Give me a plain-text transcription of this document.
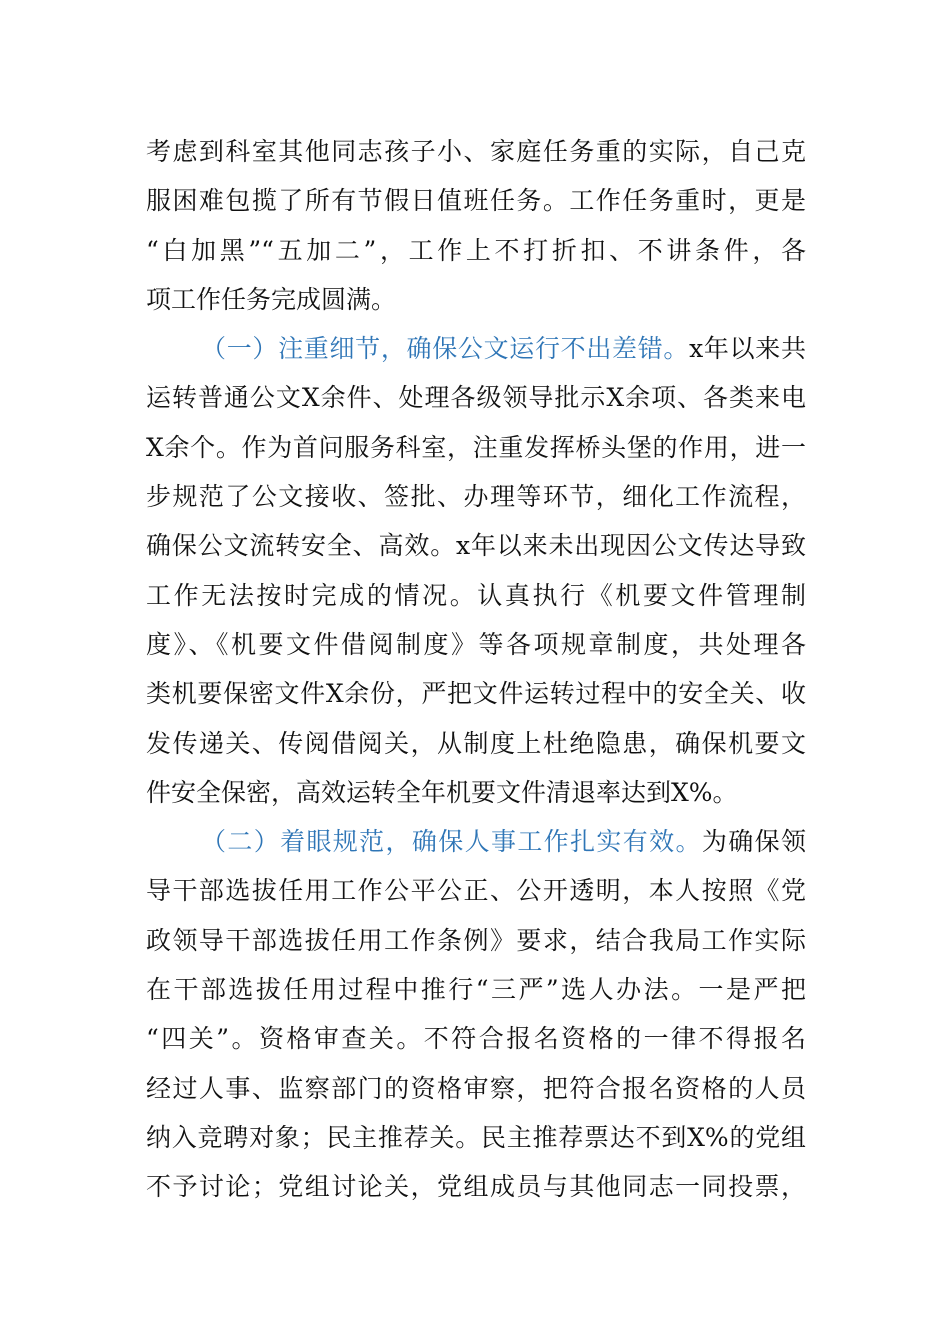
考虑到科室其他同志孩子小、家庭任务重的实际，自己克
服困难包揽了所有节假日值班任务。工作任务重时，更是
“白加黑”“五加二”，工作上不打折扣、不讲条件，各
项工作任务完成圆满。
（一）注重细节，确保公文运行不出差错。x年以来共
运转普通公文X余件、处理各级领导批示X余项、各类来电
X余个。作为首问服务科室，注重发挥桥头堡的作用，进一
步规范了公文接收、签批、办理等环节，细化工作流程，
确保公文流转安全、高效。x年以来未出现因公文传达导致
工作无法按时完成的情况。认真执行《机要文件管理制
度》、《机要文件借阅制度》等各项规章制度，共处理各
类机要保密文件X余份，严把文件运转过程中的安全关、收
发传递关、传阅借阅关，从制度上杜绝隐患，确保机要文
件安全保密，高效运转全年机要文件清退率达到X%。
（二）着眼规范，确保人事工作扎实有效。为确保领
导干部选拔任用工作公平公正、公开透明，本人按照《党
政领导干部选拔任用工作条例》要求，结合我局工作实际
在干部选拔任用过程中推行“三严”选人办法。一是严把
“四关”。资格审查关。不符合报名资格的一律不得报名
经过人事、监察部门的资格审察，把符合报名资格的人员
纳入竞聘对象；民主推荐关。民主推荐票达不到X%的党组
不予讨论；党组讨论关，党组成员与其他同志一同投票，
